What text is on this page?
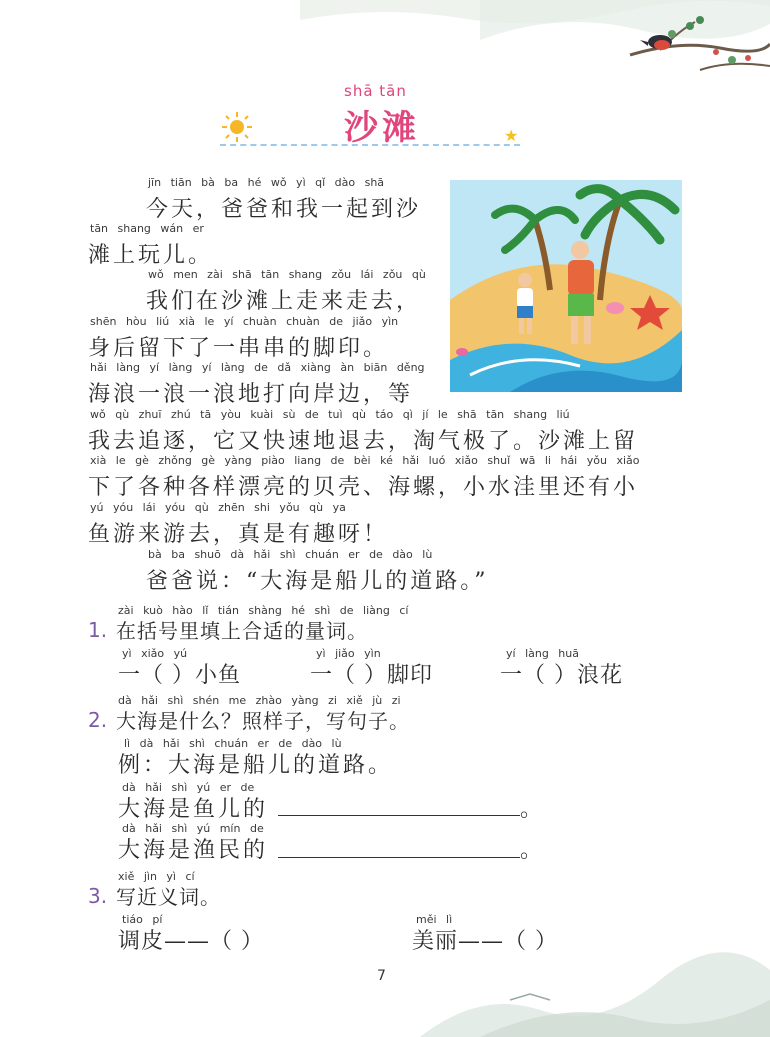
shā tān
沙滩	★
jīn tiān bà ba hé wǒ yì qǐ dào shā
今天，爸爸和我一起到沙
tān shang wán er
滩上玩儿。
wǒ men zài shā tān shang zǒu lái zǒu qù
我们在沙滩上走来走去，
shēn hòu liú xià le yí chuàn chuàn de jiǎo yìn
身后留下了一串串的脚印。
hǎi làng yí làng yí làng de dǎ xiàng àn biān děng
海浪一浪一浪地打向岸边，等
wǒ qù zhuī zhú tā yòu kuài sù de tuì qù táo qì jí le shā tān shang liú
我去追逐，它又快速地退去，淘气极了。沙滩上留
xià le gè zhǒng gè yàng piào liang de bèi ké hǎi luó xiǎo shuǐ wā li hái yǒu xiǎo
下了各种各样漂亮的贝壳、海螺，小水洼里还有小
yú yóu lái yóu qù zhēn shi yǒu qù ya
鱼游来游去，真是有趣呀！
bà ba shuō dà hǎi shì chuán er de dào lù
爸爸说：“大海是船儿的道路。”
zài kuò hào lǐ tián shàng hé shì de liàng cí
1. 在括号里填上合适的量词。
yì xiǎo yú
一（ ）小鱼
yì jiǎo yìn
一（ ）脚印
yí làng huā
一（ ）浪花
dà hǎi shì shén me zhào yàng zi xiě jù zi
2. 大海是什么？照样子，写句子。
lì dà hǎi shì chuán er de dào lù
例：大海是船儿的道路。
dà hǎi shì yú er de
大海是鱼儿的	。
dà hǎi shì yú mín de
大海是渔民的	。
xiě jìn yì cí
3. 写近义词。
tiáo pí
调皮——（ ）
měi lì
美丽——（ ）
7
